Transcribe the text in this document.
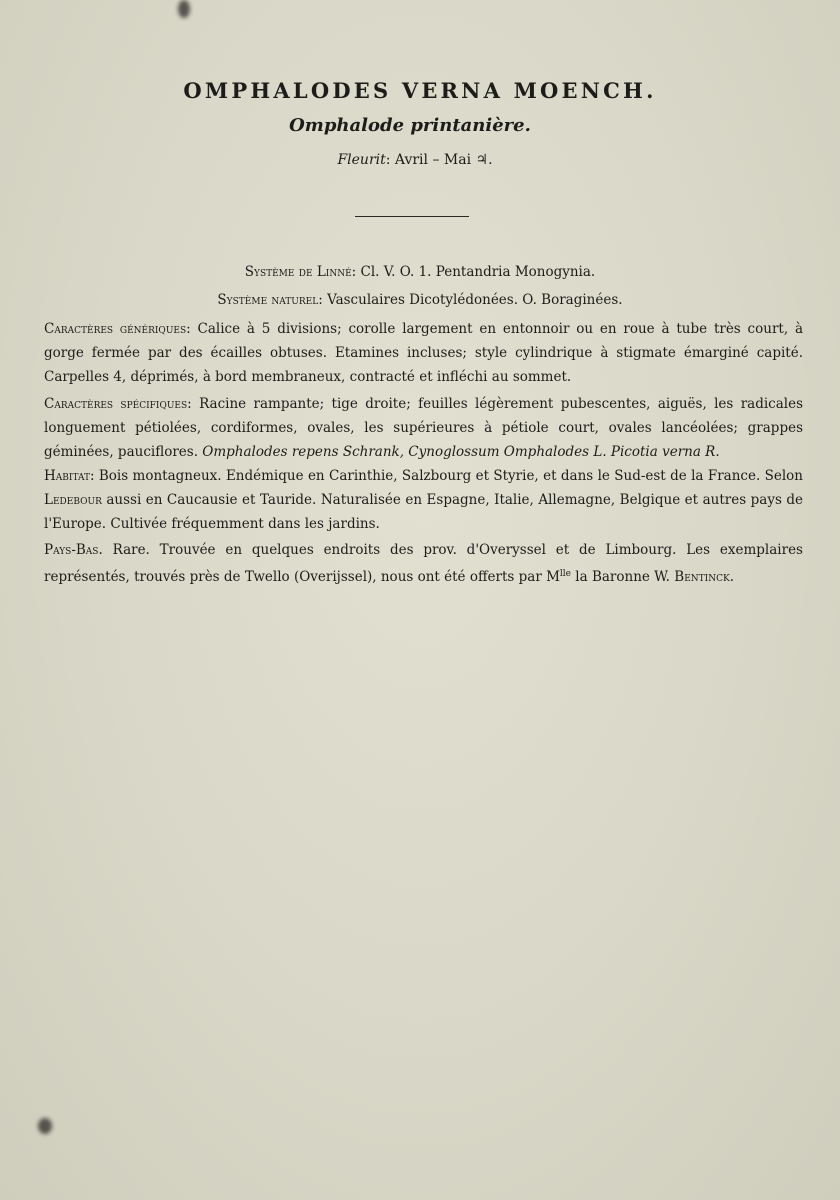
OMPHALODES VERNA MOENCH.
Omphalode printanière.
Fleurit: Avril – Mai ♃.
Système de Linné: Cl. V. O. 1. Pentandria Monogynia.
Système naturel: Vasculaires Dicotylédonées. O. Boraginées.
Caractères génériques: Calice à 5 divisions; corolle largement en entonnoir ou en roue à tube très court, à gorge fermée par des écailles obtuses. Etamines incluses; style cylindrique à stigmate émarginé capité. Carpelles 4, déprimés, à bord membraneux, contracté et infléchi au sommet.
Caractères spécifiques: Racine rampante; tige droite; feuilles légèrement pubescentes, aiguës, les radicales longuement pétiolées, cordiformes, ovales, les supérieures à pétiole court, ovales lancéolées; grappes géminées, pauciflores. Omphalodes repens Schrank, Cynoglossum Omphalodes L. Picotia verna R.
Habitat: Bois montagneux. Endémique en Carinthie, Salzbourg et Styrie, et dans le Sud-est de la France. Selon Ledebour aussi en Caucausie et Tauride. Naturalisée en Espagne, Italie, Allemagne, Belgique et autres pays de l'Europe. Cultivée fréquemment dans les jardins.
Pays-Bas. Rare. Trouvée en quelques endroits des prov. d'Overyssel et de Limbourg. Les exemplaires représentés, trouvés près de Twello (Overijssel), nous ont été offerts par $M^{lle}$ la Baronne W. Bentinck.
